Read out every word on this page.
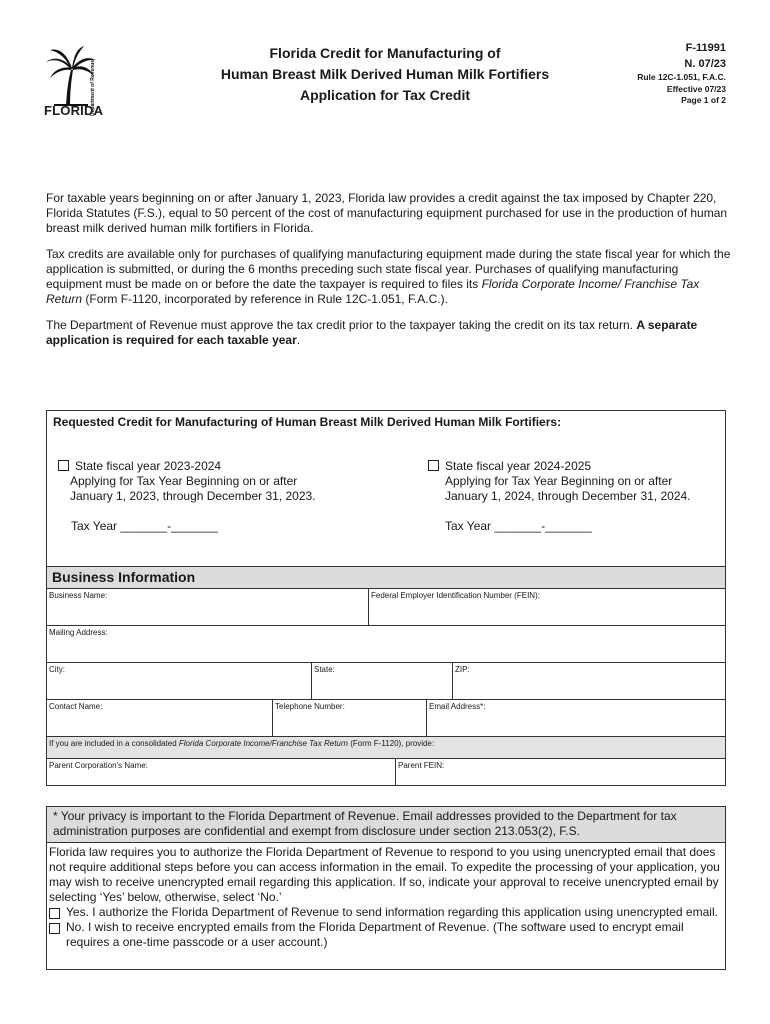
Department of Revenue
FLORIDA
Florida Credit for Manufacturing of
Human Breast Milk Derived Human Milk Fortifiers
Application for Tax Credit
F-11991
N. 07/23
Rule 12C-1.051, F.A.C.
Effective 07/23
Page 1 of 2
For taxable years beginning on or after January 1, 2023, Florida law provides a credit against the tax imposed by Chapter 220, Florida Statutes (F.S.), equal to 50 percent of the cost of manufacturing equipment purchased for use in the production of human breast milk derived human milk fortifiers in Florida.
Tax credits are available only for purchases of qualifying manufacturing equipment made during the state fiscal year for which the application is submitted, or during the 6 months preceding such state fiscal year. Purchases of qualifying manufacturing equipment must be made on or before the date the taxpayer is required to files its Florida Corporate Income/ Franchise Tax Return (Form F-1120, incorporated by reference in Rule 12C-1.051, F.A.C.).
The Department of Revenue must approve the tax credit prior to the taxpayer taking the credit on its tax return. A separate application is required for each taxable year.
Requested Credit for Manufacturing of Human Breast Milk Derived Human Milk Fortifiers:
State fiscal year 2023-2024
Applying for Tax Year Beginning on or after
January 1, 2023, through December 31, 2023.
Tax Year _______-_______
State fiscal year 2024-2025
Applying for Tax Year Beginning on or after
January 1, 2024, through December 31, 2024.
Tax Year _______-_______
Business Information
Business Name:	Federal Employer Identification Number (FEIN):
Mailing Address:
City:	State:	ZIP:
Contact Name:	Telephone Number:	Email Address*:
If you are included in a consolidated Florida Corporate Income/Franchise Tax Return (Form F-1120), provide:
Parent Corporation's Name:	Parent FEIN:
* Your privacy is important to the Florida Department of Revenue. Email addresses provided to the Department for tax administration purposes are confidential and exempt from disclosure under section 213.053(2), F.S.
Florida law requires you to authorize the Florida Department of Revenue to respond to you using unencrypted email that does not require additional steps before you can access information in the email. To expedite the processing of your application, you may wish to receive unencrypted email regarding this application. If so, indicate your approval to receive unencrypted email by selecting ‘Yes’ below, otherwise, select ‘No.’
Yes. I authorize the Florida Department of Revenue to send information regarding this application using unencrypted email.
No. I wish to receive encrypted emails from the Florida Department of Revenue. (The software used to encrypt email requires a one-time passcode or a user account.)
